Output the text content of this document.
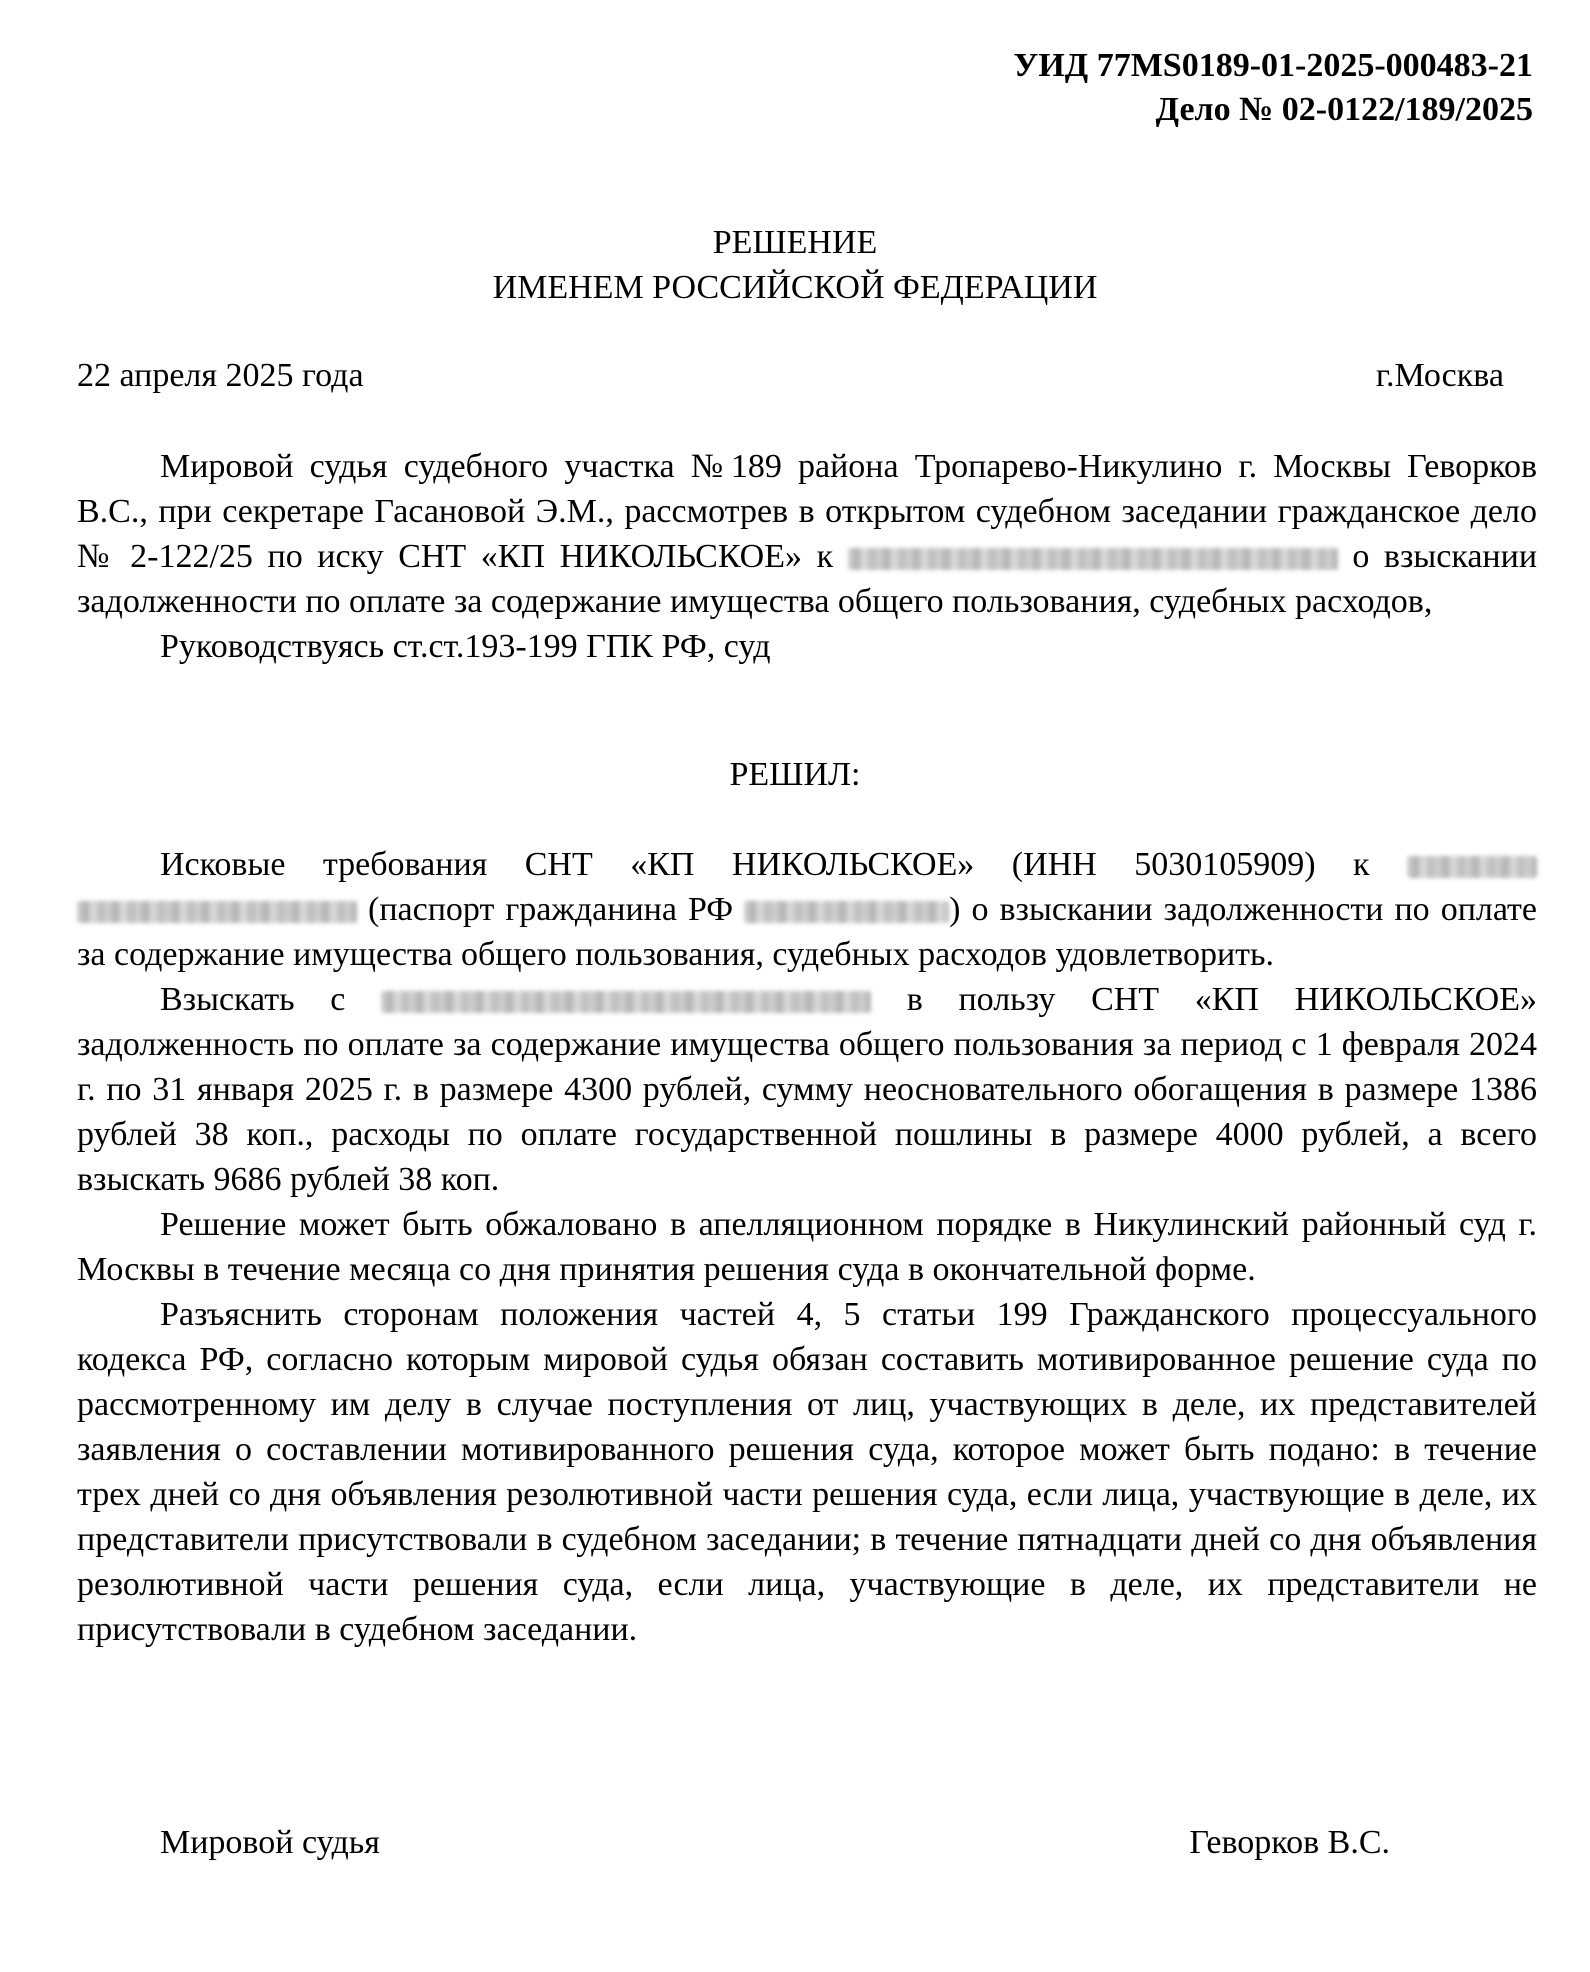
УИД 77MS0189-01-2025-000483-21
Дело № 02-0122/189/2025
РЕШЕНИЕ
ИМЕНЕМ РОССИЙСКОЙ ФЕДЕРАЦИИ
22 апреля 2025 года	г.Москва

Мировой судья судебного участка №189 района Тропарево-Никулино г. Москвы Геворков В.С., при секретаре Гасановой Э.М., рассмотрев в открытом судебном заседании гражданское дело № 2-122/25 по иску СНТ «КП НИКОЛЬСКОЕ» к	о взыскании задолженности по оплате за содержание имущества общего пользования, судебных расходов,

Руководствуясь ст.ст.193-199 ГПК РФ, суд

РЕШИЛ:

Исковые требования СНТ «КП НИКОЛЬСКОЕ» (ИНН 5030105909) к   (паспорт гражданина РФ	) о взыскании задолженности по оплате за содержание имущества общего пользования, судебных расходов удовлетворить.

Взыскать с	в пользу СНТ «КП НИКОЛЬСКОЕ» задолженность по оплате за содержание имущества общего пользования за период с 1 февраля 2024 г. по 31 января 2025 г. в размере 4300 рублей, сумму неосновательного обогащения в размере 1386 рублей 38 коп., расходы по оплате государственной пошлины в размере 4000 рублей, а всего взыскать 9686 рублей 38 коп.

Решение может быть обжаловано в апелляционном порядке в Никулинский районный суд г. Москвы в течение месяца со дня принятия решения суда в окончательной форме.

Разъяснить сторонам положения частей 4, 5 статьи 199 Гражданского процессуального кодекса РФ, согласно которым мировой судья обязан составить мотивированное решение суда по рассмотренному им делу в случае поступления от лиц, участвующих в деле, их представителей заявления о составлении мотивированного решения суда, которое может быть подано: в течение трех дней со дня объявления резолютивной части решения суда, если лица, участвующие в деле, их представители присутствовали в судебном заседании; в течение пятнадцати дней со дня объявления резолютивной части решения суда, если лица, участвующие в деле, их представители не присутствовали в судебном заседании.

Мировой судья	Геворков В.С.
